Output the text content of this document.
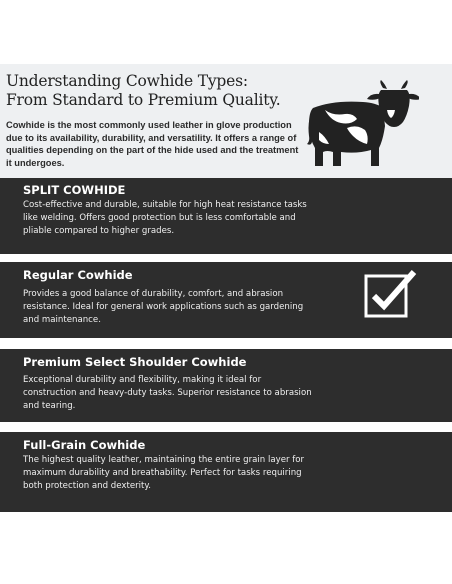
Understanding Cowhide Types:
From Standard to Premium Quality.
Cowhide is the most commonly used leather in glove production due to its availability, durability, and versatility. It offers a range of qualities depending on the part of the hide used and the treatment it undergoes.
SPLIT COWHIDE
Cost-effective and durable, suitable for high heat resistance tasks like welding. Offers good protection but is less comfortable and pliable compared to higher grades.
Regular Cowhide
Provides a good balance of durability, comfort, and abrasion resistance. Ideal for general work applications such as gardening and maintenance.
Premium Select Shoulder Cowhide
Exceptional durability and flexibility, making it ideal for construction and heavy-duty tasks. Superior resistance to abrasion and tearing.
Full-Grain Cowhide
The highest quality leather, maintaining the entire grain layer for maximum durability and breathability. Perfect for tasks requiring both protection and dexterity.
